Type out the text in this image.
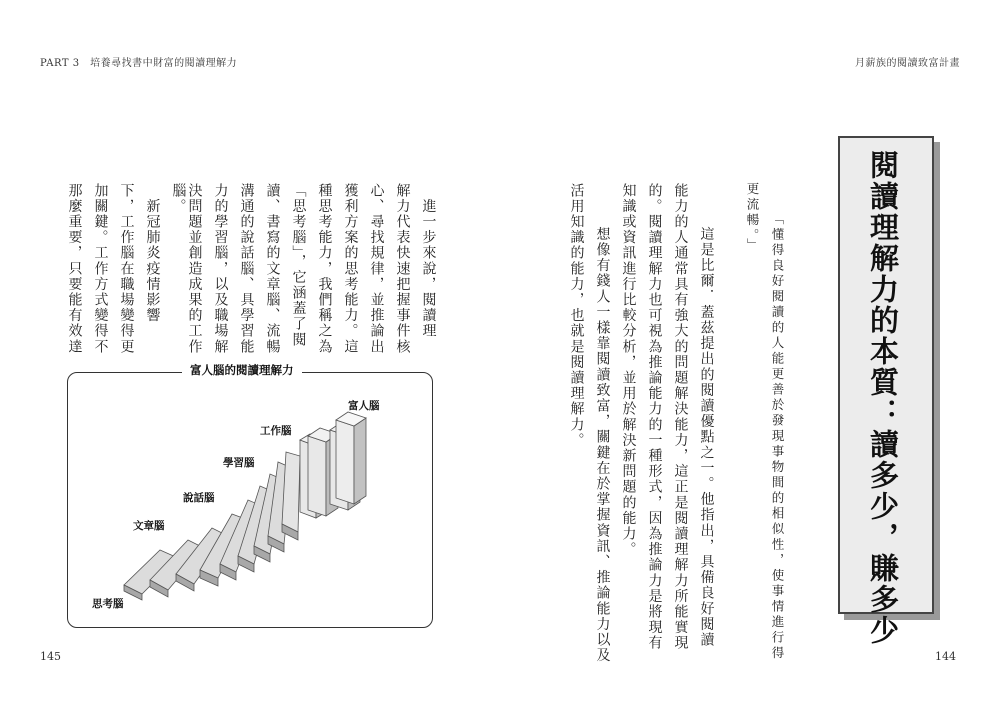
PART 3　培養尋找書中財富的閱讀理解力	月薪族的閱讀致富計畫
閱讀理解力的本質：讀多少，賺多少
「懂得良好閱讀的人能更善於發現事物間的相似性，使事情進行得
更流暢。」
　這是比爾．蓋茲提出的閱讀優點之一。他指出，具備良好閱讀
能力的人通常具有強大的問題解決能力，這正是閱讀理解力所能實現
的。閱讀理解力也可視為推論能力的一種形式，因為推論力是將現有
知識或資訊進行比較分析，並用於解決新問題的能力。
　想像有錢人一樣靠閱讀致富，關鍵在於掌握資訊、推論能力以及
活用知識的能力，也就是閱讀理解力。
　進一步來說，閱讀理
解力代表快速把握事件核
心、尋找規律，並推論出
獲利方案的思考能力。這
種思考能力，我們稱之為
「思考腦」，它涵蓋了閱
讀、書寫的文章腦、流暢
溝通的說話腦、具學習能
力的學習腦，以及職場解
決問題並創造成果的工作
腦。
　新冠肺炎疫情影響
下，工作腦在職場變得更
加關鍵。工作方式變得不
那麼重要，只要能有效達
富人腦的閱讀理解力
思考腦
文章腦
說話腦
學習腦
工作腦
富人腦
145	144
